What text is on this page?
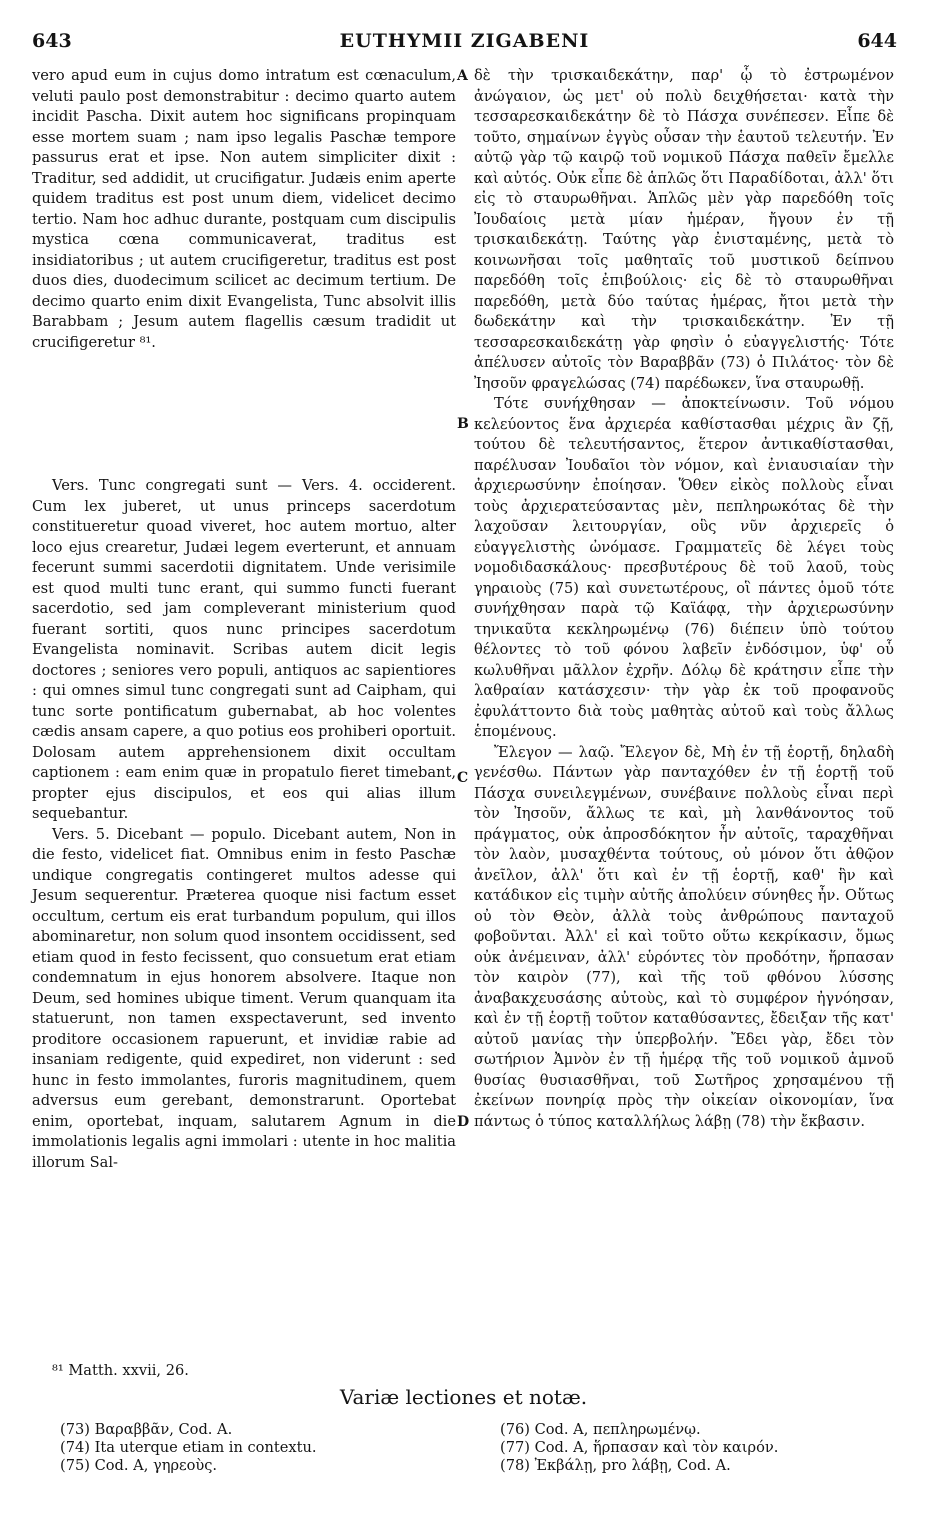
643	EUTHYMII ZIGABENI	644

vero apud eum in cujus domo intratum est cœnaculum, veluti paulo post demonstrabitur : decimo quarto autem incidit Pascha. Dixit autem hoc significans propinquam esse mortem suam ; nam ipso legalis Paschæ tempore passurus erat et ipse. Non autem simpliciter dixit : Traditur, sed addidit, ut crucifigatur. Judæis enim aperte quidem traditus est post unum diem, videlicet decimo tertio. Nam hoc adhuc durante, postquam cum discipulis mystica cœna communicaverat, traditus est insidiatoribus ; ut autem crucifigeretur, traditus est post duos dies, duodecimum scilicet ac decimum tertium. De decimo quarto enim dixit Evangelista, Tunc absolvit illis Barabbam ; Jesum autem flagellis cæsum tradidit ut crucifigeretur ⁸¹.

Vers. Tunc congregati sunt — Vers. 4. occiderent. Cum lex juberet, ut unus princeps sacerdotum constitueretur quoad viveret, hoc autem mortuo, alter loco ejus crearetur, Judæi legem everterunt, et annuam fecerunt summi sacerdotii dignitatem. Unde verisimile est quod multi tunc erant, qui summo functi fuerant sacerdotio, sed jam compleverant ministerium quod fuerant sortiti, quos nunc principes sacerdotum Evangelista nominavit. Scribas autem dicit legis doctores ; seniores vero populi, antiquos ac sapientiores : qui omnes simul tunc congregati sunt ad Caipham, qui tunc sorte pontificatum gubernabat, ab hoc volentes cædis ansam capere, a quo potius eos prohiberi oportuit. Dolosam autem apprehensionem dixit occultam captionem : eam enim quæ in propatulo fieret timebant, propter ejus discipulos, et eos qui alias illum sequebantur.

Vers. 5. Dicebant — populo. Dicebant autem, Non in die festo, videlicet fiat. Omnibus enim in festo Paschæ undique congregatis contingeret multos adesse qui Jesum sequerentur. Præterea quoque nisi factum esset occultum, certum eis erat turbandum populum, qui illos abominaretur, non solum quod insontem occidissent, sed etiam quod in festo fecissent, quo consuetum erat etiam condemnatum in ejus honorem absolvere. Itaque non Deum, sed homines ubique timent. Verum quanquam ita statuerunt, non tamen exspectaverunt, sed invento proditore occasionem rapuerunt, et invidiæ rabie ad insaniam redigente, quid expediret, non viderunt : sed hunc in festo immolantes, furoris magnitudinem, quem adversus eum gerebant, demonstrarunt. Oportebat enim, oportebat, inquam, salutarem Agnum in die immolationis legalis agni immolari : utente in hoc malitia illorum Sal-

δὲ τὴν τρισκαιδεκάτην, παρ' ᾧ τὸ ἐστρωμένον ἀνώγαιον, ὡς μετ' οὐ πολὺ δειχθήσεται· κατὰ τὴν τεσσαρεσκαιδεκάτην δὲ τὸ Πάσχα συνέπεσεν. Εἶπε δὲ τοῦτο, σημαίνων ἐγγὺς οὖσαν τὴν ἑαυτοῦ τελευτήν. Ἐν αὐτῷ γὰρ τῷ καιρῷ τοῦ νομικοῦ Πάσχα παθεῖν ἔμελλε καὶ αὐτός. Οὐκ εἶπε δὲ ἁπλῶς ὅτι Παραδίδοται, ἀλλ' ὅτι εἰς τὸ σταυρωθῆναι. Ἁπλῶς μὲν γὰρ παρεδόθη τοῖς Ἰουδαίοις μετὰ μίαν ἡμέραν, ἤγουν ἐν τῇ τρισκαιδεκάτῃ. Ταύτης γὰρ ἐνισταμένης, μετὰ τὸ κοινωνῆσαι τοῖς μαθηταῖς τοῦ μυστικοῦ δείπνου παρεδόθη τοῖς ἐπιβούλοις· εἰς δὲ τὸ σταυρωθῆναι παρεδόθη, μετὰ δύο ταύτας ἡμέρας, ἤτοι μετὰ τὴν δωδεκάτην καὶ τὴν τρισκαιδεκάτην. Ἐν τῇ τεσσαρεσκαιδεκάτῃ γὰρ φησὶν ὁ εὐαγγελιστής· Τότε ἀπέλυσεν αὐτοῖς τὸν Βαραββᾶν (73) ὁ Πιλάτος· τὸν δὲ Ἰησοῦν φραγελώσας (74) παρέδωκεν, ἵνα σταυρωθῇ.

Τότε συνήχθησαν — ἀποκτείνωσιν. Τοῦ νόμου κελεύοντος ἕνα ἀρχιερέα καθίστασθαι μέχρις ἂν ζῇ, τούτου δὲ τελευτήσαντος, ἕτερον ἀντικαθίστασθαι, παρέλυσαν Ἰουδαῖοι τὸν νόμον, καὶ ἐνιαυσιαίαν τὴν ἀρχιερωσύνην ἐποίησαν. Ὅθεν εἰκὸς πολλοὺς εἶναι τοὺς ἀρχιερατεύσαντας μὲν, πεπληρωκότας δὲ τὴν λαχοῦσαν λειτουργίαν, οὓς νῦν ἀρχιερεῖς ὁ εὐαγγελιστὴς ὠνόμασε. Γραμματεῖς δὲ λέγει τοὺς νομοδιδασκάλους· πρεσβυτέρους δὲ τοῦ λαοῦ, τοὺς γηραιοὺς (75) καὶ συνετωτέρους, οἳ πάντες ὁμοῦ τότε συνήχθησαν παρὰ τῷ Καϊάφᾳ, τὴν ἀρχιερωσύνην τηνικαῦτα κεκληρωμένῳ (76) διέπειν ὑπὸ τούτου θέλοντες τὸ τοῦ φόνου λαβεῖν ἐνδόσιμον, ὑφ' οὗ κωλυθῆναι μᾶλλον ἐχρῆν. Δόλῳ δὲ κράτησιν εἶπε τὴν λαθραίαν κατάσχεσιν· τὴν γὰρ ἐκ τοῦ προφανοῦς ἐφυλάττοντο διὰ τοὺς μαθητὰς αὐτοῦ καὶ τοὺς ἄλλως ἑπομένους.

Ἔλεγον — λαῷ. Ἔλεγον δὲ, Μὴ ἐν τῇ ἑορτῇ, δηλαδὴ γενέσθω. Πάντων γὰρ πανταχόθεν ἐν τῇ ἑορτῇ τοῦ Πάσχα συνειλεγμένων, συνέβαινε πολλοὺς εἶναι περὶ τὸν Ἰησοῦν, ἄλλως τε καὶ, μὴ λανθάνοντος τοῦ πράγματος, οὐκ ἀπροσδόκητον ἦν αὐτοῖς, ταραχθῆναι τὸν λαὸν, μυσαχθέντα τούτους, οὐ μόνον ὅτι ἀθῷον ἀνεῖλον, ἀλλ' ὅτι καὶ ἐν τῇ ἑορτῇ, καθ' ἣν καὶ κατάδικον εἰς τιμὴν αὐτῆς ἀπολύειν σύνηθες ἦν. Οὕτως οὐ τὸν Θεὸν, ἀλλὰ τοὺς ἀνθρώπους πανταχοῦ φοβοῦνται. Ἀλλ' εἰ καὶ τοῦτο οὕτω κεκρίκασιν, ὅμως οὐκ ἀνέμειναν, ἀλλ' εὑρόντες τὸν προδότην, ἥρπασαν τὸν καιρὸν (77), καὶ τῆς τοῦ φθόνου λύσσης ἀναβακχευσάσης αὐτοὺς, καὶ τὸ συμφέρον ἠγνόησαν, καὶ ἐν τῇ ἑορτῇ τοῦτον καταθύσαντες, ἔδειξαν τῆς κατ' αὐτοῦ μανίας τὴν ὑπερβολήν. Ἔδει γὰρ, ἔδει τὸν σωτήριον Ἀμνὸν ἐν τῇ ἡμέρᾳ τῆς τοῦ νομικοῦ ἀμνοῦ θυσίας θυσιασθῆναι, τοῦ Σωτῆρος χρησαμένου τῇ ἐκείνων πονηρίᾳ πρὸς τὴν οἰκείαν οἰκονομίαν, ἵνα πάντως ὁ τύπος καταλλήλως λάβῃ (78) τὴν ἔκβασιν.

A
B
C
D
⁸¹ Matth. xxvii, 26.
Variæ lectiones et notæ.
(73) Βαραββᾶν, Cod. A.
(74) Ita uterque etiam in contextu.
(75) Cod. A, γηρεοὺς.
(76) Cod. A, πεπληρωμένῳ.
(77) Cod. A, ἥρπασαν καὶ τὸν καιρόν.
(78) Ἐκβάλῃ, pro λάβῃ, Cod. A.
